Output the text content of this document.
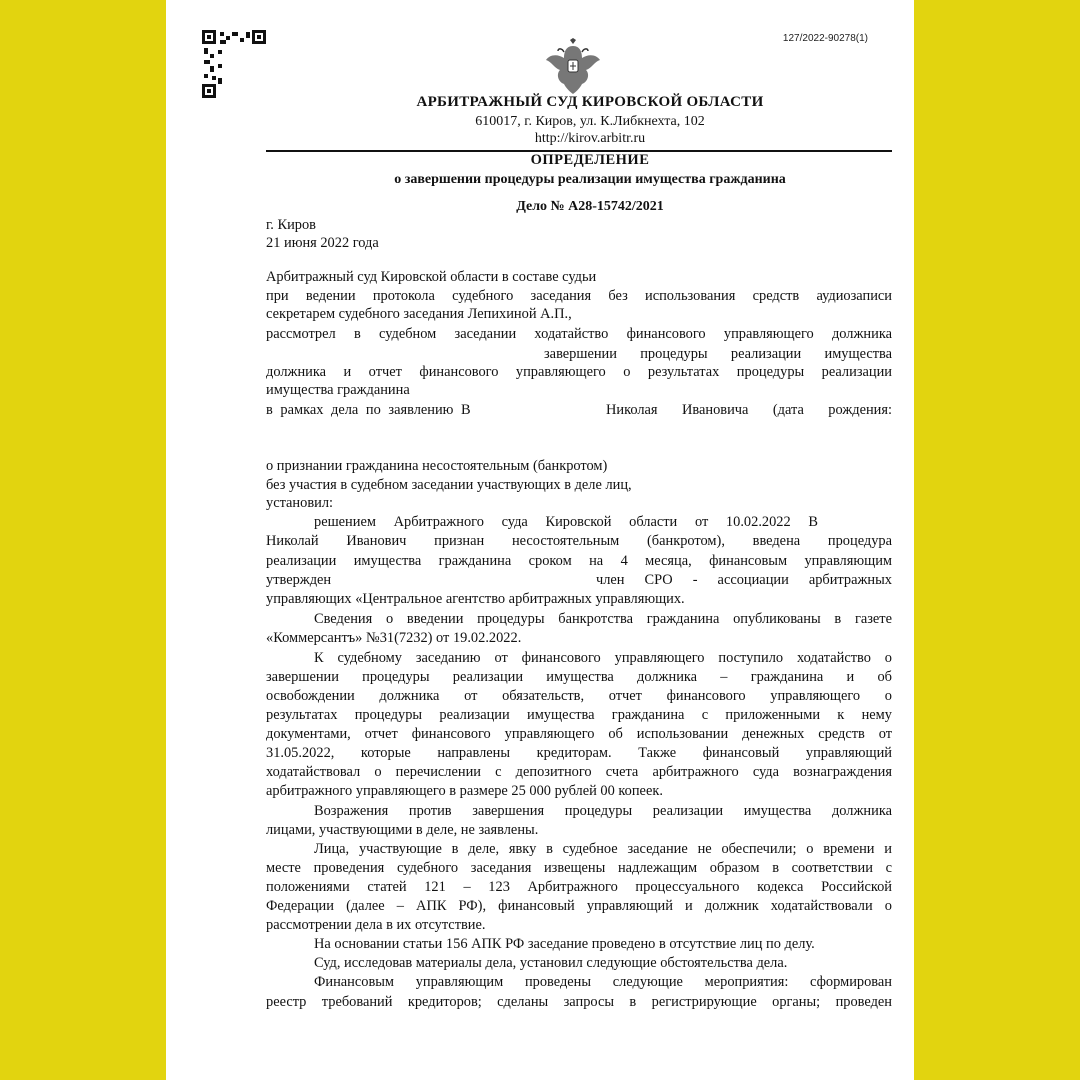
127/2022-90278(1)
АРБИТРАЖНЫЙ СУД КИРОВСКОЙ ОБЛАСТИ
610017, г. Киров, ул. К.Либкнехта, 102
http://kirov.arbitr.ru
ОПРЕДЕЛЕНИЕ
о завершении процедуры реализации имущества гражданина
Дело № А28-15742/2021
г. Киров
21 июня 2022 года
Арбитражный суд Кировской области в составе судьи
при ведении протокола судебного заседания без использования средств аудиозаписи
секретарем судебного заседания Лепихиной А.П.,
рассмотрел в судебном заседании ходатайство финансового управляющего должника
завершении процедуры реализации имущества
должника и отчет финансового управляющего о результатах процедуры реализации
имущества гражданина
в рамках дела по заявлению В	Николая Ивановича (дата рождения:
о признании гражданина несостоятельным (банкротом)
без участия в судебном заседании участвующих в деле лиц,
установил:
решением Арбитражного суда Кировской области от 10.02.2022 В
Николай Иванович признан несостоятельным (банкротом), введена процедура
реализации имущества гражданина сроком на 4 месяца, финансовым управляющим
утвержден	член СРО - ассоциации арбитражных
управляющих «Центральное агентство арбитражных управляющих.
Сведения о введении процедуры банкротства гражданина опубликованы в газете
«Коммерсантъ» №31(7232) от 19.02.2022.
К судебному заседанию от финансового управляющего поступило ходатайство о
завершении процедуры реализации имущества должника – гражданина и об
освобождении должника от обязательств, отчет финансового управляющего о
результатах процедуры реализации имущества гражданина с приложенными к нему
документами, отчет финансового управляющего об использовании денежных средств от
31.05.2022, которые направлены кредиторам. Также финансовый управляющий
ходатайствовал о перечислении с депозитного счета арбитражного суда вознаграждения
арбитражного управляющего в размере 25 000 рублей 00 копеек.
Возражения против завершения процедуры реализации имущества должника
лицами, участвующими в деле, не заявлены.
Лица, участвующие в деле, явку в судебное заседание не обеспечили; о времени и
месте проведения судебного заседания извещены надлежащим образом в соответствии с
положениями статей 121 – 123 Арбитражного процессуального кодекса Российской
Федерации (далее – АПК РФ), финансовый управляющий и должник ходатайствовали о
рассмотрении дела в их отсутствие.
На основании статьи 156 АПК РФ заседание проведено в отсутствие лиц по делу.
Суд, исследовав материалы дела, установил следующие обстоятельства дела.
Финансовым управляющим проведены следующие мероприятия: сформирован
реестр требований кредиторов; сделаны запросы в регистрирующие органы; проведен
